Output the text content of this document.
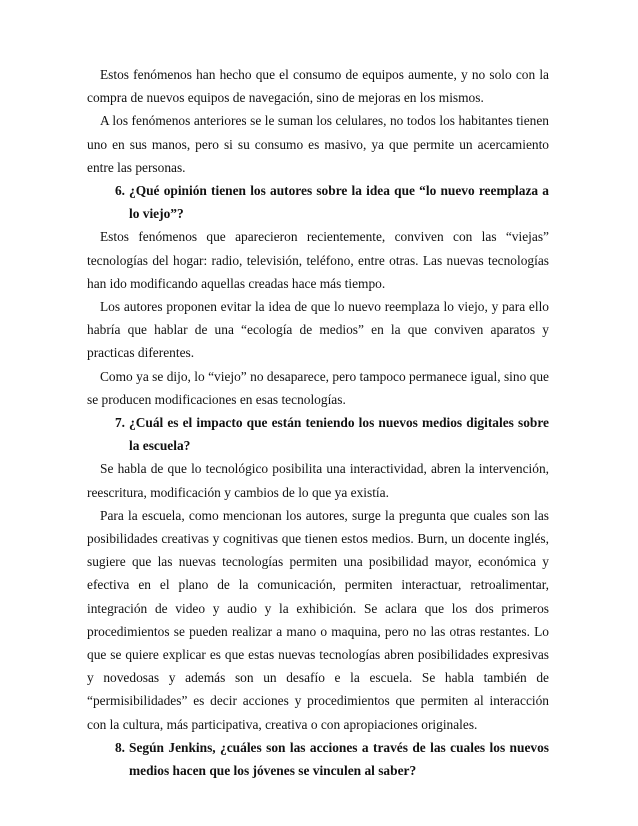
Estos fenómenos han hecho que el consumo de equipos aumente, y no solo con la compra de nuevos equipos de navegación, sino de mejoras en los mismos.

A los fenómenos anteriores se le suman los celulares, no todos los habitantes tienen uno en sus manos, pero si su consumo es masivo, ya que permite un acercamiento entre las personas.

6. ¿Qué opinión tienen los autores sobre la idea que “lo nuevo reemplaza a lo viejo”?

Estos fenómenos que aparecieron recientemente, conviven con las “viejas” tecnologías del hogar: radio, televisión, teléfono, entre otras. Las nuevas tecnologías han ido modificando aquellas creadas hace más tiempo.

Los autores proponen evitar la idea de que lo nuevo reemplaza lo viejo, y para ello habría que hablar de una “ecología de medios” en la que conviven aparatos y practicas diferentes.

Como ya se dijo, lo “viejo” no desaparece, pero tampoco permanece igual, sino que se producen modificaciones en esas tecnologías.

7. ¿Cuál es el impacto que están teniendo los nuevos medios digitales sobre la escuela?

Se habla de que lo tecnológico posibilita una interactividad, abren la intervención, reescritura, modificación y cambios de lo que ya existía.

Para la escuela, como mencionan los autores, surge la pregunta que cuales son las posibilidades creativas y cognitivas que tienen estos medios. Burn, un docente inglés, sugiere que las nuevas tecnologías permiten una posibilidad mayor, económica y efectiva en el plano de la comunicación, permiten interactuar, retroalimentar, integración de video y audio y la exhibición. Se aclara que los dos primeros procedimientos se pueden realizar a mano o maquina, pero no las otras restantes. Lo que se quiere explicar es que estas nuevas tecnologías abren posibilidades expresivas y novedosas y además son un desafío e la escuela. Se habla también de “permisibilidades” es decir acciones y procedimientos que permiten al interacción con la cultura, más participativa, creativa o con apropiaciones originales.

8. Según Jenkins, ¿cuáles son las acciones a través de las cuales los nuevos medios hacen que los jóvenes se vinculen al saber?
